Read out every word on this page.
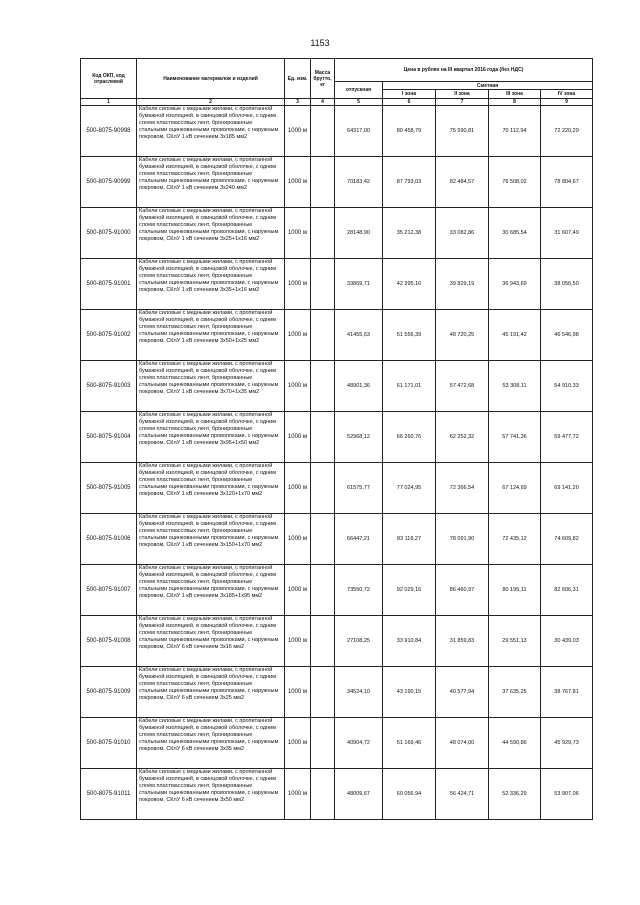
1153
Код ОКП, код отраслевой	Наименование материалов и изделий	Ед. изм.	Масса брутто, кг	Цена в рублях на III квартал 2016 года (без НДС)				
				отпускная	Сметная			
					I зона	II зона	III зона	IV зона
1	2	3	4	5	6	7	8	9
500-8075-90998	Кабели силовые с медными жилами, с пропитанной бумажной изоляцией, в свинцовой оболочке, с одним слоем пластмассовых лент, бронированные стальными оцинкованными проволоками, с наружным покровом, СКлУ 1 кВ сечением 3х185 мм2	1000 м		64317,00	80 458,79	75 590,81	70 112,94	72 220,29
500-8075-90999	Кабели силовые с медными жилами, с пропитанной бумажной изоляцией, в свинцовой оболочке, с одним слоем пластмассовых лент, бронированные стальными оцинкованными проволоками, с наружным покровом, СКлУ 1 кВ сечением 3х240 мм2	1000 м		70183,42	87 793,03	82 484,57	76 508,02	78 804,67
500-8075-91000	Кабели силовые с медными жилами, с пропитанной бумажной изоляцией, в свинцовой оболочке, с одним слоем пластмассовых лент, бронированные стальными оцинкованными проволоками, с наружным покровом, СКлУ 1 кВ сечением 3х25+1х16 мм2	1000 м		28148,90	35 212,38	33 082,86	30 685,54	31 607,49
500-8075-91001	Кабели силовые с медными жилами, с пропитанной бумажной изоляцией, в свинцовой оболочке, с одним слоем пластмассовых лент, бронированные стальными оцинкованными проволоками, с наружным покровом, СКлУ 1 кВ сечением 3х35+1х16 мм2	1000 м		33869,71	42 395,16	39 829,19	36 943,69	38 056,50
500-8075-91002	Кабели силовые с медными жилами, с пропитанной бумажной изоляцией, в свинцовой оболочке, с одним слоем пластмассовых лент, бронированные стальными оцинкованными проволоками, с наружным покровом, СКлУ 1 кВ сечением 3х50+1х25 мм2	1000 м		41455,63	51 556,39	48 720,25	45 191,42	46 546,98
500-8075-91003	Кабели силовые с медными жилами, с пропитанной бумажной изоляцией, в свинцовой оболочке, с одним слоем пластмассовых лент, бронированные стальными оцинкованными проволоками, с наружным покровом, СКлУ 1 кВ сечением 3х70+1х35 мм2	1000 м		48901,36	61 171,01	57 472,68	53 308,11	54 910,33
500-8075-91004	Кабели силовые с медными жилами, с пропитанной бумажной изоляцией, в свинцовой оболочке, с одним слоем пластмассовых лент, бронированные стальными оцинкованными проволоками, с наружным покровом, СКлУ 1 кВ сечением 3х95+1х50 мм2	1000 м		52968,12	66 260,76	62 252,32	57 741,36	59 477,72
500-8075-91005	Кабели силовые с медными жилами, с пропитанной бумажной изоляцией, в свинцовой оболочке, с одним слоем пластмассовых лент, бронированные стальными оцинкованными проволоками, с наружным покровом, СКлУ 1 кВ сечением 3х120+1х70 мм2	1000 м		61575,77	77 024,95	72 366,54	67 124,69	69 141,20
500-8075-91006	Кабели силовые с медными жилами, с пропитанной бумажной изоляцией, в свинцовой оболочке, с одним слоем пластмассовых лент, бронированные стальными оцинкованными проволоками, с наружным покровом, СКлУ 1 кВ сечением 3х150+1х70 мм2	1000 м		66447,21	83 118,27	78 091,90	72 435,12	74 609,82
500-8075-91007	Кабели силовые с медными жилами, с пропитанной бумажной изоляцией, в свинцовой оболочке, с одним слоем пластмассовых лент, бронированные стальными оцинкованными проволоками, с наружным покровом, СКлУ 1 кВ сечением 3х185+1х95 мм2	1000 м		73550,72	92 029,16	86 460,97	80 195,11	82 606,31
500-8075-91008	Кабели силовые с медными жилами, с пропитанной бумажной изоляцией, в свинцовой оболочке, с одним слоем пластмассовых лент, бронированные стальными оцинкованными проволоками, с наружным покровом, СКлУ 6 кВ сечением 3х16 мм2	1000 м		27108,25	33 910,84	31 859,83	29 551,13	30 439,03
500-8075-91009	Кабели силовые с медными жилами, с пропитанной бумажной изоляцией, в свинцовой оболочке, с одним слоем пластмассовых лент, бронированные стальными оцинкованными проволоками, с наружным покровом, СКлУ 6 кВ сечением 3х25 мм2	1000 м		34524,10	43 190,15	40 577,94	37 635,25	38 767,81
500-8075-91010	Кабели силовые с медными жилами, с пропитанной бумажной изоляцией, в свинцовой оболочке, с одним слоем пластмассовых лент, бронированные стальными оцинкованными проволоками, с наружным покровом, СКлУ 6 кВ сечением 3х35 мм2	1000 м		40904,72	51 169,46	48 074,00	44 590,86	45 929,73
500-8075-91011	Кабели силовые с медными жилами, с пропитанной бумажной изоляцией, в свинцовой оболочке, с одним слоем пластмассовых лент, бронированные стальными оцинкованными проволоками, с наружным покровом, СКлУ 6 кВ сечением 3х50 мм2	1000 м		48009,67	60 056,94	56 424,71	52 336,29	53 907,06
